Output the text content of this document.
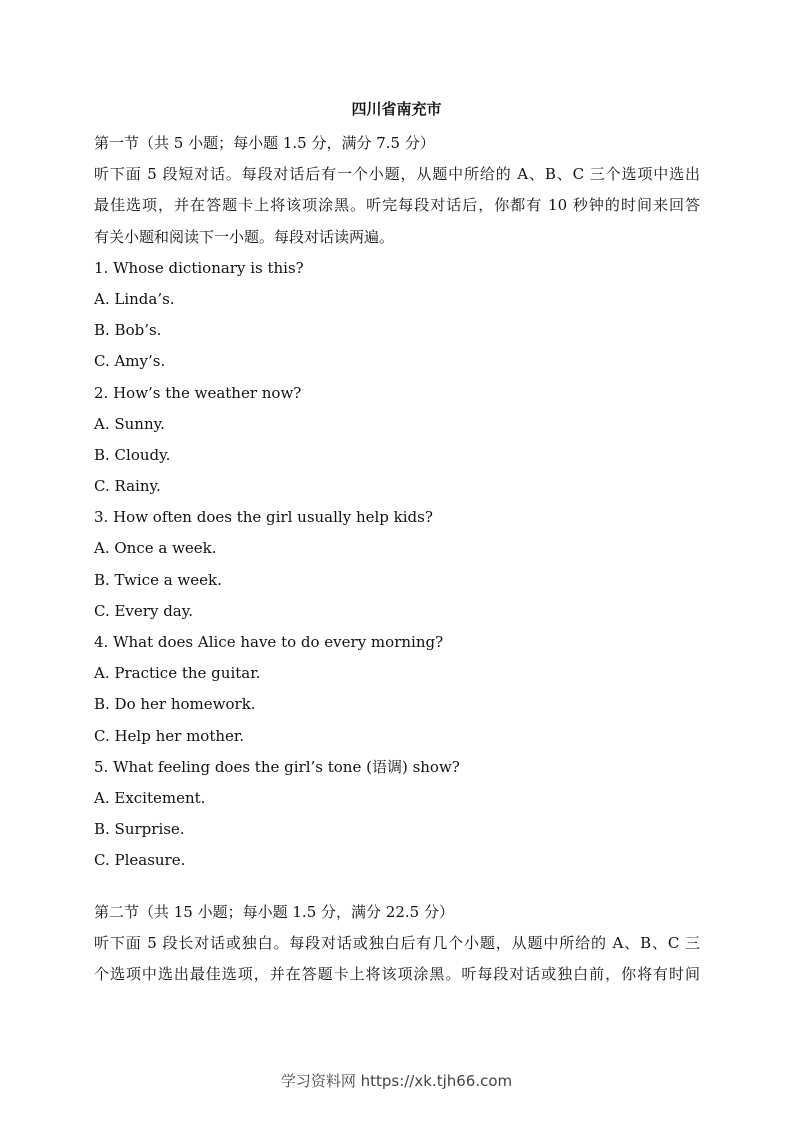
四川省南充市
第一节（共 5 小题；每小题 1.5 分，满分 7.5 分）
听下面 5 段短对话。每段对话后有一个小题，从题中所给的 A、B、C 三个选项中选出
最佳选项，并在答题卡上将该项涂黑。听完每段对话后，你都有 10 秒钟的时间来回答
有关小题和阅读下一小题。每段对话读两遍。
1. Whose dictionary is this?
A. Linda’s.
B. Bob’s.
C. Amy’s.
2. How’s the weather now?
A. Sunny.
B. Cloudy.
C. Rainy.
3. How often does the girl usually help kids?
A. Once a week.
B. Twice a week.
C. Every day.
4. What does Alice have to do every morning?
A. Practice the guitar.
B. Do her homework.
C. Help her mother.
5. What feeling does the girl’s tone (语调) show?
A. Excitement.
B. Surprise.
C. Pleasure.
第二节（共 15 小题；每小题 1.5 分，满分 22.5 分）
听下面 5 段长对话或独白。每段对话或独白后有几个小题，从题中所给的 A、B、C 三
个选项中选出最佳选项，并在答题卡上将该项涂黑。听每段对话或独白前，你将有时间
学习资料网 https://xk.tjh66.com
